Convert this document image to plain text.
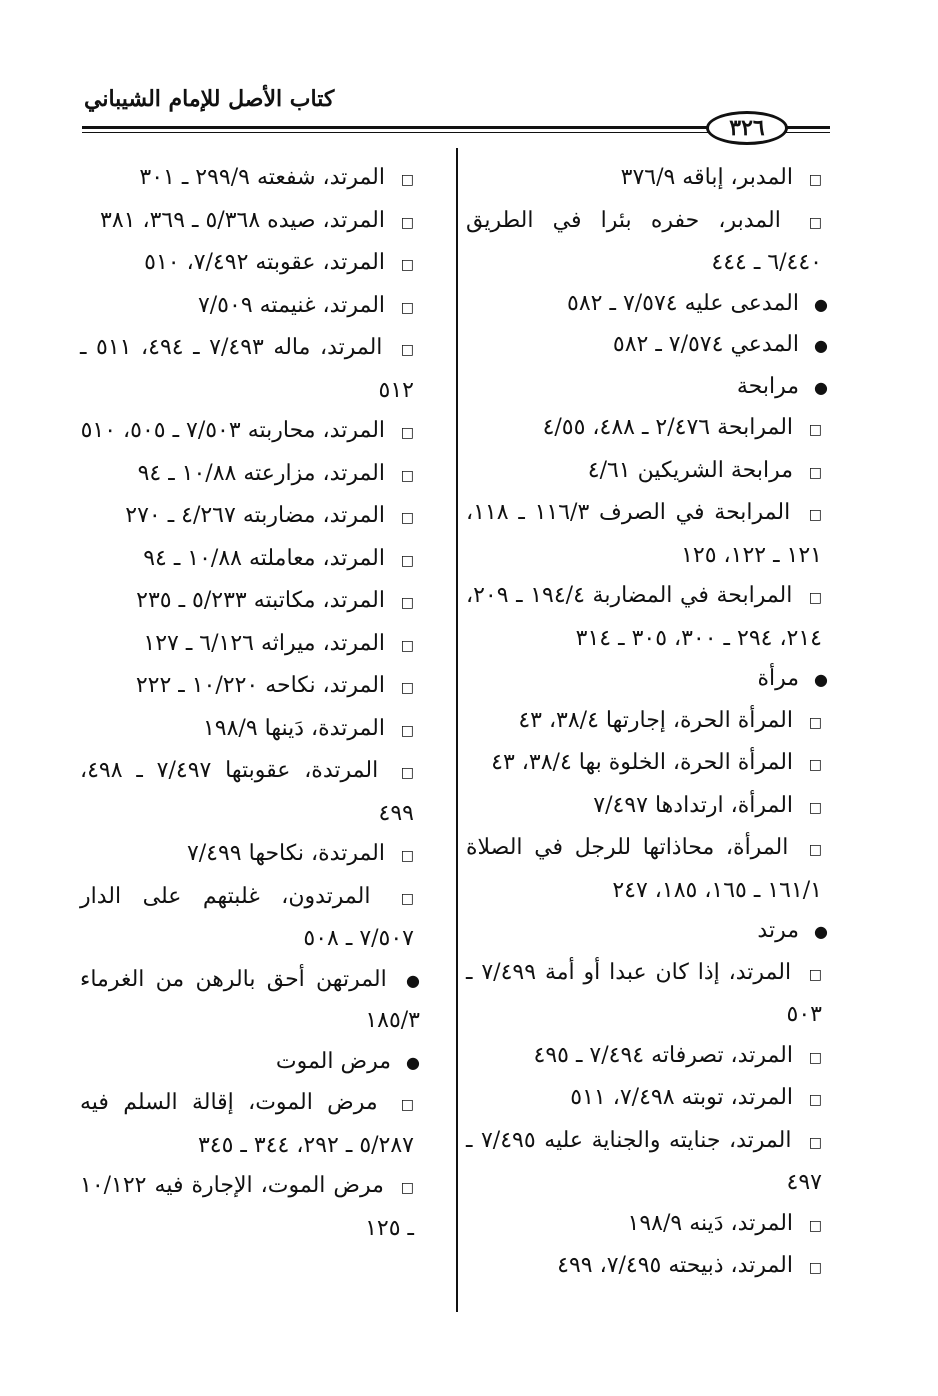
كتاب الأصل للإمام الشيباني
٣٢٦
□ المدبر، إباقه ٣٧٦/٩
□ المدبر، حفره بئرا في الطريق ٦/٤٤٠ ـ ٤٤٤
● المدعى عليه ٧/٥٧٤ ـ ٥٨٢
● المدعي ٧/٥٧٤ ـ ٥٨٢
● مرابحة
□ المرابحة ٢/٤٧٦ ـ ٤٨٨، ٤/٥٥
□ مرابحة الشريكين ٤/٦١
□ المرابحة في الصرف ١١٦/٣ ـ ١١٨، ١٢١ ـ ١٢٢، ١٢٥
□ المرابحة في المضاربة ١٩٤/٤ ـ ٢٠٩، ٢١٤، ٢٩٤ ـ ٣٠٠، ٣٠٥ ـ ٣١٤
● مرأة
□ المرأة الحرة، إجارتها ٣٨/٤، ٤٣
□ المرأة الحرة، الخلوة بها ٣٨/٤، ٤٣
□ المرأة، ارتدادها ٧/٤٩٧
□ المرأة، محاذاتها للرجل في الصلاة ١٦١/١ ـ ١٦٥، ١٨٥، ٢٤٧
● مرتد
□ المرتد، إذا كان عبدا أو أمة ٧/٤٩٩ ـ ٥٠٣
□ المرتد، تصرفاته ٧/٤٩٤ ـ ٤٩٥
□ المرتد، توبته ٧/٤٩٨، ٥١١
□ المرتد، جنايته والجناية عليه ٧/٤٩٥ ـ ٤٩٧
□ المرتد، دَينه ١٩٨/٩
□ المرتد، ذبيحته ٧/٤٩٥، ٤٩٩
□ المرتد، شفعته ٢٩٩/٩ ـ ٣٠١
□ المرتد، صيده ٥/٣٦٨ ـ ٣٦٩، ٣٨١
□ المرتد، عقوبته ٧/٤٩٢، ٥١٠
□ المرتد، غنيمته ٧/٥٠٩
□ المرتد، ماله ٧/٤٩٣ ـ ٤٩٤، ٥١١ ـ ٥١٢
□ المرتد، محاربته ٧/٥٠٣ ـ ٥٠٥، ٥١٠
□ المرتد، مزارعته ١٠/٨٨ ـ ٩٤
□ المرتد، مضاربته ٤/٢٦٧ ـ ٢٧٠
□ المرتد، معاملته ١٠/٨٨ ـ ٩٤
□ المرتد، مكاتبته ٥/٢٣٣ ـ ٢٣٥
□ المرتد، ميراثه ٦/١٢٦ ـ ١٢٧
□ المرتد، نكاحه ١٠/٢٢٠ ـ ٢٢٢
□ المرتدة، دَينها ١٩٨/٩
□ المرتدة، عقوبتها ٧/٤٩٧ ـ ٤٩٨، ٤٩٩
□ المرتدة، نكاحها ٧/٤٩٩
□ المرتدون، غلبتهم على الدار ٧/٥٠٧ ـ ٥٠٨
● المرتهن أحق بالرهن من الغرماء ١٨٥/٣
● مرض الموت
□ مرض الموت، إقالة السلم فيه ٥/٢٨٧ ـ ٢٩٢، ٣٤٤ ـ ٣٤٥
□ مرض الموت، الإجارة فيه ١٠/١٢٢ ـ ١٢٥
